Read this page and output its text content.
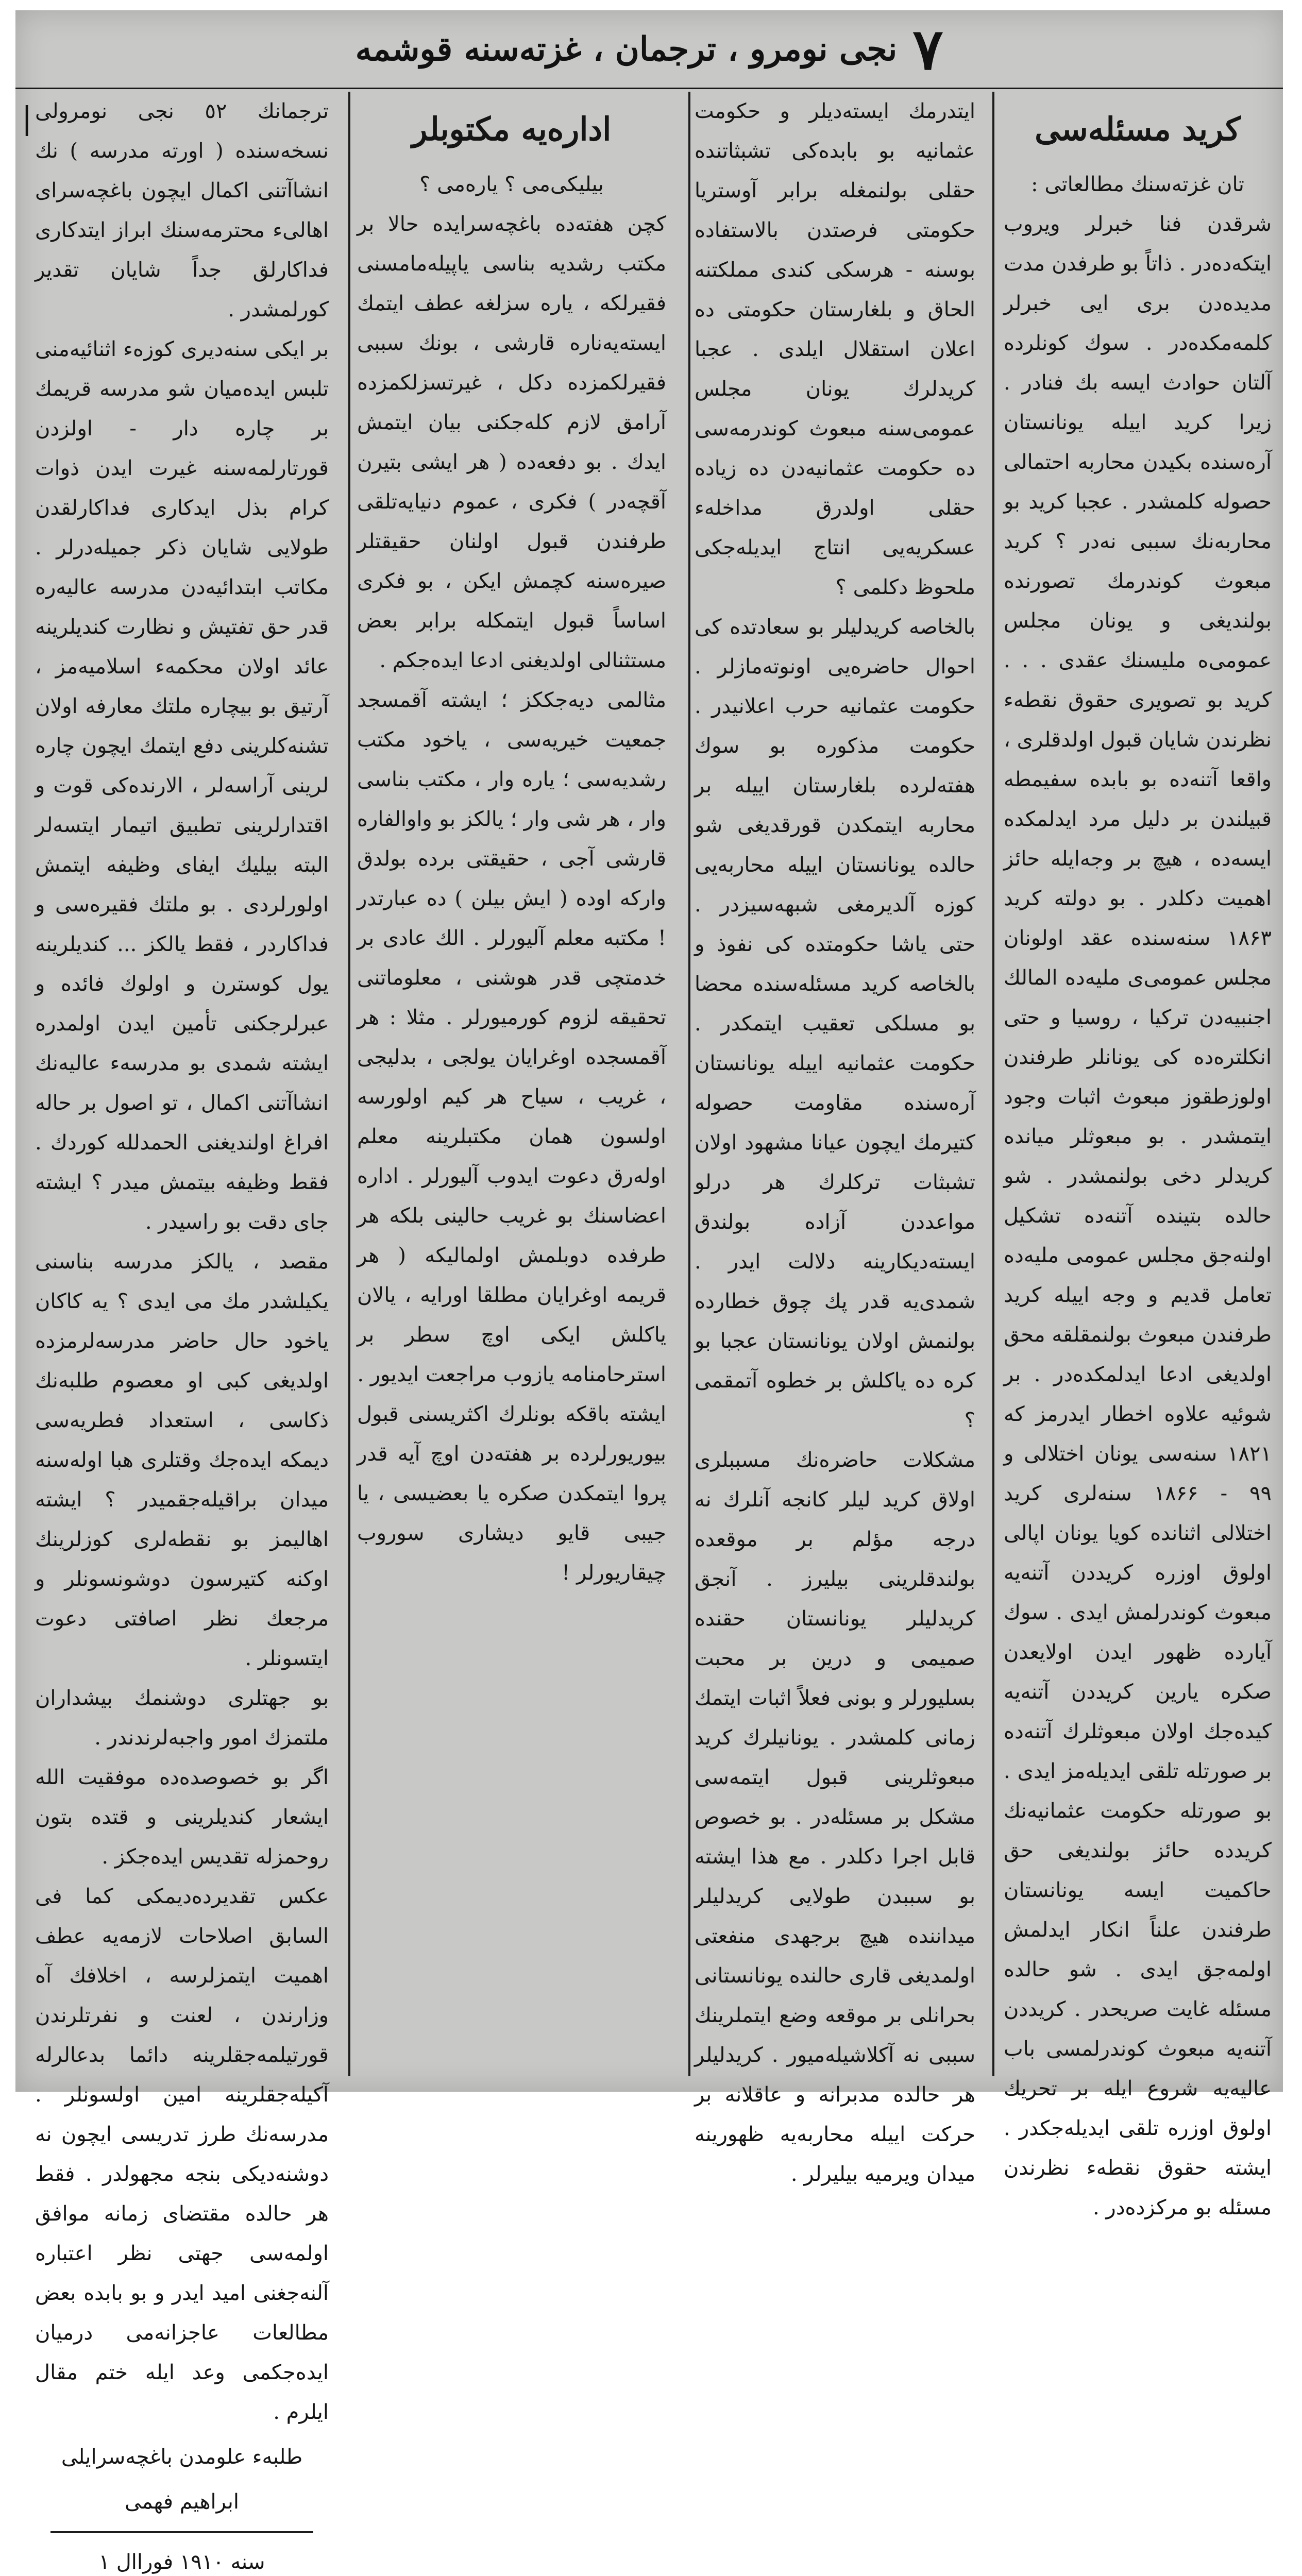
٧
نجی نومرو ، ترجمان ، غزته‌سنه قوشمه
|	کرید مسئله‌سی

تان غزته‌سنك مطالعاتی :

شرقدن فنا خبرلر ویروب ایتکه‌ده‌در . ذاتاً بو طرفدن مدت مدیده‌دن بری ایی خبرلر کلمه‌مکده‌در . سوك کونلرده آلتان حوادث ایسه بك فنادر . زیرا کرید اییله یونانستان آرەسنده بکیدن محاربه احتمالی حصوله کلمشدر . عجبا کرید بو محاربه‌نك سببی نه‌در ؟ کرید مبعوث کوندرمك تصورنده بولندیغی و یونان مجلس عمومی‌ه ملیسنك عقدی . . . کرید بو تصویری حقوق نقطه‌ء نظرندن شایان قبول اولدقلری ، واقعا آتنه‌ده بو بابده سفیمطه قبیلندن بر دلیل مرد ایدلمکده ایسه‌ده ، هیچ بر وجه‌ایله حائز اهمیت دکلدر . بو دولته کرید ۱۸۶۳ سنه‌سنده عقد اولونان مجلس عمومی‌ی ملیه‌ده المالك اجنبیه‌دن ترکیا ، روسیا و حتی انکلتره‌ده کی یونانلر طرفندن اولوزطقوز مبعوث اثبات وجود ایتمشدر . بو مبعوثلر میانده کریدلر دخی بولنمشدر . شو حالده بتینده آتنه‌ده تشکیل اولنه‌جق مجلس عمومی ملیه‌ده تعامل قدیم و وجه اییله کرید طرفندن مبعوث بولنمقلقه محق اولدیغی ادعا ایدلمکده‌در . بر شوئیه علاوه اخطار ایدرمز که ۱۸۲۱ سنه‌سی یونان اختلالی و ۹۹ - ۱۸۶۶ سنه‌لری کرید اختلالی اثنانده کویا یونان اپالی اولوق اوزره کریددن آتنه‌یه مبعوث کوندرلمش ایدی . سوك آیارده ظهور ایدن اولایعدن صکره یارین کریددن آتنه‌یه کیده‌جك اولان مبعوثلرك آتنه‌ده بر صورتله تلقی ایدیله‌مز ایدی . بو صورتله حکومت عثمانیه‌نك کرید‌ده حائز بولندیغی حق حاکمیت ایسه یونانستان طرفندن علناً انکار ایدلمش اولمه‌جق ایدی . شو حالده مسئله غایت صریحدر . کریددن آتنه‌یه مبعوث کوندرلمسی باب عالیه‌یه شروع ایله بر تحریك اولوق اوزره تلقی ایدیله‌جکدر . ایشته حقوق نقطه‌ء نظرندن مسئله بو مرکزده‌در .

ایتدرمك ایسته‌دیلر و حکومت عثمانیه بو بابده‌کی تشبثاتنده حقلی بولنمغله برابر آوستریا حکومتی فرصتدن بالاستفاده بوسنه - هرسکی کندی مملکتنه الحاق و بلغارستان حکومتی ده اعلان استقلال ایلدی . عجبا کریدلرك یونان مجلس عمومی‌سنه مبعوث کوندرمه‌سی ده حکومت عثمانیه‌دن ده زیاده حقلی اولدرق مداخله‌ء عسکریه‌یی انتاج ایدیله‌جکی ملحوظ دکلمی ؟

بالخاصه کریدلیلر بو سعادتده کی احوال حاضره‌یی اونوته‌مازلر . حکومت عثمانیه حرب اعلانیدر . حکومت مذکوره بو سوك هفته‌لرده بلغارستان اییله بر محاربه ایتمکدن قورقدیغی شو حالده یونانستان اییله محاربه‌یی کوزه آلدیرمغی شبهه‌سیزدر . حتی یاشا حکومتده کی نفوذ و بالخاصه کرید مسئله‌سنده محضا بو مسلکی تعقیب ایتمکدر . حکومت عثمانیه اییله یونانستان آرەسنده مقاومت حصوله کتیرمك ایچون عیانا مشهود اولان تشبثات ترکلرك هر درلو مواعددن آزاده بولندق ایسته‌دیکارینه دلالت ایدر . شمدی‌یه قدر پك چوق خطارده بولنمش اولان یونانستان عجبا بو کره ده یاکلش بر خطوه آتمقمی ؟

مشکلات حاضره‌نك مسببلری اولاق کرید لیلر کانجه آنلرك نه درجه مؤلم بر موقعده بولندقلرینی بیلیرز . آنجق کریدلیلر یونانستان حقنده صمیمی و درین بر محبت بسلیورلر و بونی فعلاً اثبات ایتمك زمانی کلمشدر . یونانیلرك کرید مبعوثلرینی قبول ایتمه‌سی مشکل بر مسئله‌در . بو خصوص قابل اجرا دکلدر . مع هذا ایشته بو سببدن طولایی کریدلیلر میداننده هیچ برجهدی منفعتی اولمدیغی قاری حالنده یونانستانی بحرانلی بر موقعه وضع ایتملرینك سببی نه آکلاشیله‌میور . کریدلیلر هر حالده مدبرانه و عاقلانه بر حرکت اییله محاربه‌یه ظهورینه میدان ویرمیه بیلیرلر .

اداره‌یه مکتوبلر

بیلیکی‌می ؟ یارەمی ؟

کچن هفته‌ده باغچه‌سرایده حالا بر مکتب رشدیه بناسی یاپیله‌مامسنی فقیرلکه ، یاره سزلغه عطف ایتمك ایسته‌یه‌نارە قارشی ، بونك سببی فقیرلکمزده دکل ، غیرتسزلکمزده آرامق لازم کله‌جکنی بیان ایتمش ایدك . بو دفعه‌ده ( هر ایشی بتیرن آقچه‌در ) فکری ، عموم دنیا‌یه‌تلقی طرفندن قبول اولنان حقیقتلر صیره‌سنه کچمش ایکن ، بو فکری اساساً قبول ایتمکله برابر بعض مستثنالی اولدیغنی ادعا ایده‌جکم .

مثالمی دیه‌جککز ؛ ایشته آقمسجد جمعیت خیریه‌سی ، یاخود مکتب رشدیه‌سی ؛ یاره وار ، مکتب بناسی وار ، هر شی وار ؛ یالکز بو واوالفاره قارشی آجی ، حقیقتی برده بولدق وار‌که اوده ( ایش بیلن ) ده عبارتدر ! مکتبه معلم آلیورلر . الك عادی بر خدمتچی قدر هوشنی ، معلوماتنی تحقیقه لزوم کورمیورلر . مثلا : هر آقمسجده اوغرایان یولجی ، بدلیجی ، غریب ، سیاح هر کیم اولورسه اولسون همان مکتبلرینه معلم اولەرق دعوت ایدوب آلیورلر . اداره اعضاسنك بو غریب حالینی بلکه هر طرفده دوبلمش اولمالیکه ( هر قریمه اوغرایان مطلقا اورایه ، یالان یاکلش ایکی اوچ سطر بر استرحامنامه یازوب مراجعت ایدیور .

ایشته باقکه بونلرك اکثریسنی قبول بیوریورلرده بر هفته‌دن اوچ آیه قدر پروا ایتمکدن صکره یا بعضیسی ، یا جیبی قایو دیشاری سوروب چیقاریورلر !

ترجمانك ٥٢ نجی نومرولی نسخه‌سنده ( اورته مدرسه ) نك انشاآتنی اکمال ایچون باغچه‌سرای اهالیء محترمه‌سنك ابراز ایتدکاری فداکارلق جداً شایان تقدیر کورلمشدر .

بر ایکی سنه‌دیری کوزه‌ء اثنائیه‌منی تلبس ایده‌میان شو مدرسه قریمك بر چاره دار - اولزدن قورتارلمه‌سنه غیرت ایدن ذوات کرام بذل ایدکاری فداکارلقدن طولایی شایان ذکر جمیله‌درلر . مکاتب ابتدائیه‌دن مدرسه عالیه‌ره قدر حق تفتیش و نظارت کندیلرینه عائد اولان محکمه‌ء اسلامیه‌مز ، آرتیق بو بیچاره ملتك معارفه اولان تشنه‌کلرینی دفع ایتمك ایچون چاره لرینی آراسه‌لر ، الارنده‌کی قوت و اقتدارلرینی تطبیق اتیمار ایتسه‌لر البته بیلیك ایفای وظیفه ایتمش اولورلردی . بو ملتك فقیره‌سی و فداکاردر ، فقط یالکز ... کندیلرینه یول کوسترن و اولوك فائده و عبرلرجکنی تأمین ایدن اولمدره ایشته شمدی بو مدرسه‌ء عالیه‌نك انشاآتنی اکمال ، تو اصول بر حاله افراغ اولندیغنی الحمدلله کوردك . فقط وظیفه بیتمش میدر ؟ ایشته جای دقت بو را‌سیدر .

مقصد ، یالکز مدرسه بناسنی یکیلشدر مك می ایدی ؟ یه کاکان یاخود حال حاضر مدرسه‌لرمزده اولدیغی کبی او معصوم طلبه‌نك ذکاسی ، استعداد فطریه‌سی دیمکه ایده‌جك وقتلری هبا اوله‌سنه میدان براقیلەجقمیدر ؟ ایشته اهالیمز بو نقطه‌لری کوزلرینك اوکنه کتیرسون دوشونسونلر و مرجعك نظر اصافتی دعوت ایتسونلر .

بو جهتلری دوشنمك بیشداران ملتمزك امور واجبه‌لرندندر .

اگر بو خصوصده‌ده موفقیت الله ایشعار کندیلرینی و قتده بتون روحمزله تقدیس ایده‌جکز .

عکس تقدیرده‌دیمکی کما فی السابق اصلاحات لازمه‌یه عطف اهمیت ایتمزلرسه ، اخلافك آه وزارندن ، لعنت و نفرتلرندن قورتیلمه‌جقلرینه دائما بدعالرله آکیله‌جقلرینه امین اولسونلر . مدرسه‌نك طرز تدریسی ایچون نه دوشنه‌دیکی بنجه مجهولدر . فقط هر حالده مقتضای زمانه موافق اولمه‌سی جهتی نظر اعتباره آلنه‌جغنی امید ایدر و بو بابده بعض مطالعات عاجزانه‌می درمیان ایده‌جکمی وعد ایله ختم مقال ایلرم .

طلبه‌ء علومدن باغچه‌سرایلی

ابراهیم فهمی

سنه ۱۹۱۰ فوراال ۱
